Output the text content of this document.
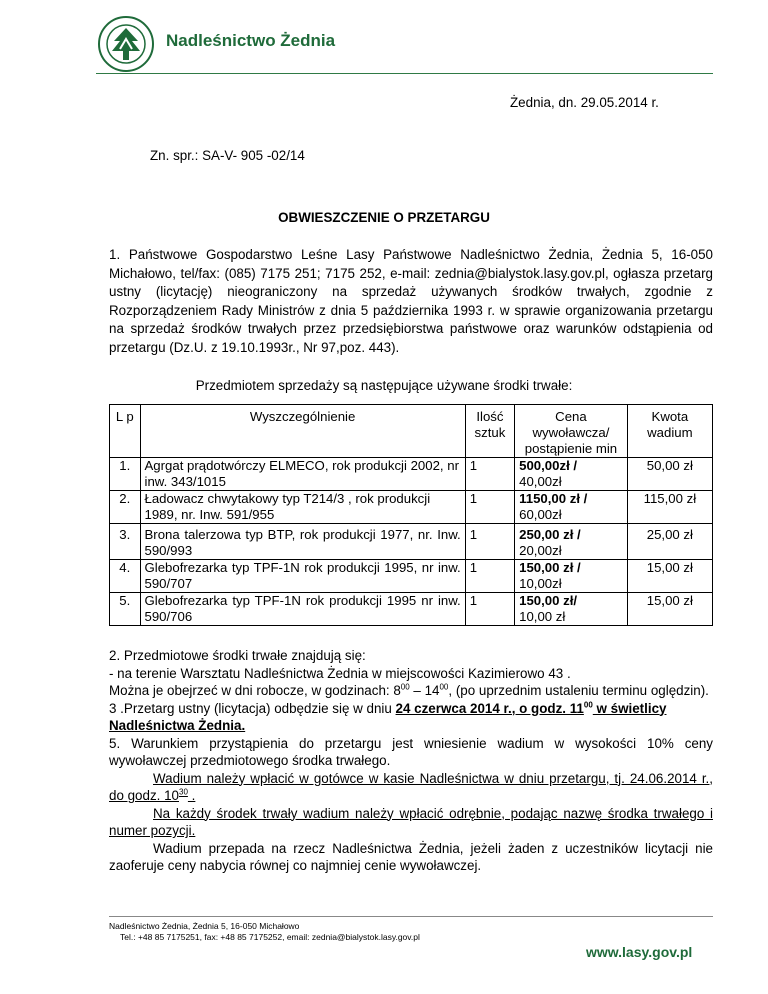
Nadleśnictwo Żednia
Żednia, dn. 29.05.2014 r.
Zn. spr.: SA-V- 905 -02/14
OBWIESZCZENIE O PRZETARGU
1. Państwowe Gospodarstwo Leśne Lasy Państwowe Nadleśnictwo Żednia, Żednia 5, 16-050 Michałowo, tel/fax: (085) 7175 251; 7175 252, e-mail: zednia@bialystok.lasy.gov.pl, ogłasza przetarg ustny (licytację) nieograniczony na sprzedaż używanych środków trwałych, zgodnie z Rozporządzeniem Rady Ministrów z dnia 5 października 1993 r. w sprawie organizowania przetargu na sprzedaż środków trwałych przez przedsiębiorstwa państwowe oraz warunków odstąpienia od przetargu (Dz.U. z 19.10.1993r., Nr 97,poz. 443).
Przedmiotem sprzedaży są następujące używane środki trwałe:
L p	Wyszczególnienie	Ilość sztuk	Cena wywoławcza/ postąpienie min	Kwota wadium
1.	Agrgat prądotwórczy ELMECO, rok produkcji 2002, nr inw. 343/1015	1	500,00zł /
40,00zł	50,00 zł
2.	Ładowacz chwytakowy typ T214/3 , rok produkcji 1989, nr. Inw. 591/955	1	1150,00 zł /
60,00zł	115,00 zł
3.	Brona talerzowa typ BTP, rok produkcji 1977, nr. Inw. 590/993	1	250,00 zł /
20,00zł	25,00 zł
4.	Glebofrezarka typ TPF-1N rok produkcji 1995, nr inw. 590/707	1	150,00 zł /
10,00zł	15,00 zł
5.	Glebofrezarka typ TPF-1N rok produkcji 1995 nr inw. 590/706	1	150,00 zł/
10,00 zł	15,00 zł
2. Przedmiotowe środki trwałe znajdują się:
- na terenie Warsztatu Nadleśnictwa Żednia w miejscowości Kazimierowo 43 .
Można je obejrzeć w dni robocze, w godzinach: $8^{00} - 14^{00}$, (po uprzednim ustaleniu terminu oględzin).
3 .Przetarg ustny (licytacja) odbędzie się w dniu 24 czerwca 2014 r., o godz. $11^{00}$ w świetlicy Nadleśnictwa Żednia.
5. Warunkiem przystąpienia do przetargu jest wniesienie wadium w wysokości 10% ceny wywoławczej przedmiotowego środka trwałego.
Wadium należy wpłacić w gotówce w kasie Nadleśnictwa w dniu przetargu, tj. 24.06.2014 r., do godz. $10^{30}$ .
Na każdy środek trwały wadium należy wpłacić odrębnie, podając nazwę środka trwałego i numer pozycji.
Wadium przepada na rzecz Nadleśnictwa Żednia, jeżeli żaden z uczestników licytacji nie zaoferuje ceny nabycia równej co najmniej cenie wywoławczej.
Nadleśnictwo Żednia, Żednia 5, 16-050 Michałowo
Tel.: +48 85 7175251, fax: +48 85 7175252, email: zednia@bialystok.lasy.gov.pl
www.lasy.gov.pl
